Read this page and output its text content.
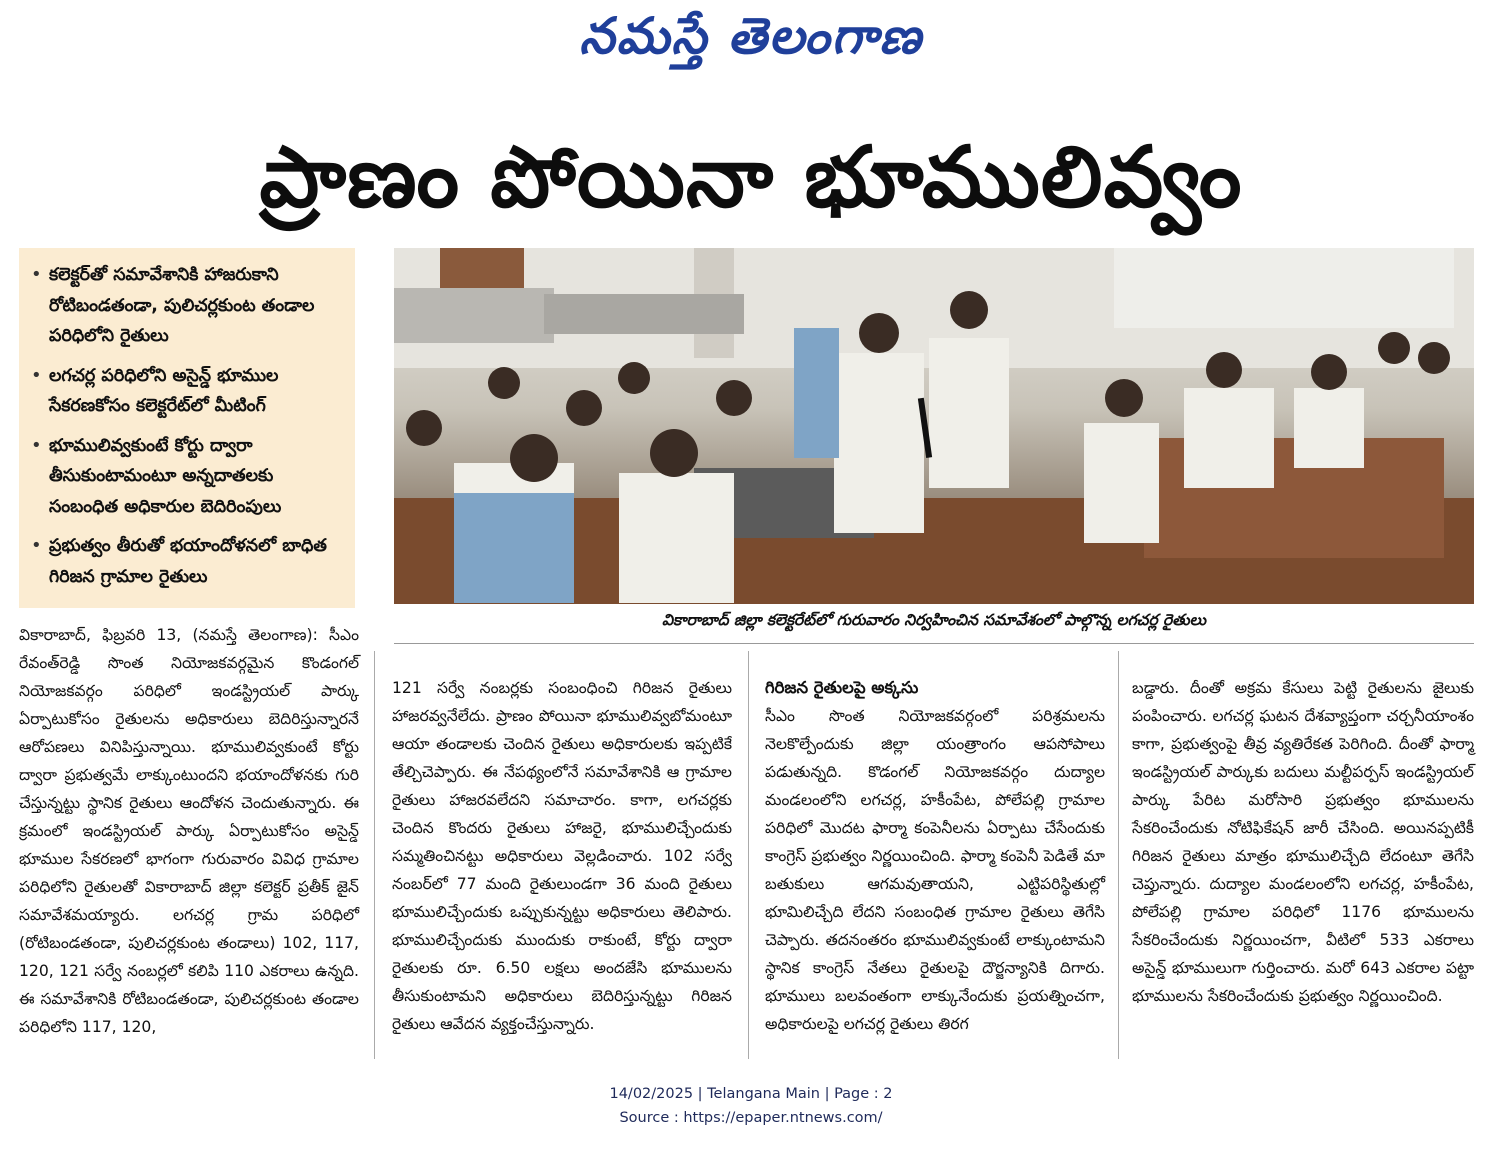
నమస్తే తెలంగాణ
ప్రాణం పోయినా భూములివ్వం
• కలెక్టర్‌తో సమావేశానికి హాజరుకాని రోటిబండతండా, పులిచర్లకుంట తండాల పరిధిలోని రైతులు
• లగచర్ల పరిధిలోని అసైన్డ్ భూముల సేకరణకోసం కలెక్టరేట్‌లో మీటింగ్
• భూములివ్వకుంటే కోర్టు ద్వారా తీసుకుంటామంటూ అన్నదాతలకు సంబంధిత అధికారుల బెదిరింపులు
• ప్రభుత్వం తీరుతో భయాందోళనలో బాధిత గిరిజన గ్రామాల రైతులు
వికారాబాద్ జిల్లా కలెక్టరేట్‌లో గురువారం నిర్వహించిన సమావేశంలో పాల్గొన్న లగచర్ల రైతులు
వికారాబాద్, ఫిబ్రవరి 13, (నమస్తే తెలంగాణ): సీఎం రేవంత్‌రెడ్డి సొంత నియోజకవర్గమైన కొండంగల్ నియోజకవర్గం పరిధిలో ఇండస్ట్రియల్ పార్కు ఏర్పాటుకోసం రైతులను అధికారులు బెదిరిస్తున్నారనే ఆరోపణలు వినిపిస్తున్నాయి. భూములివ్వకుంటే కోర్టు ద్వారా ప్రభుత్వమే లాక్కుంటుందని భయాందోళనకు గురి చేస్తున్నట్టు స్థానిక రైతులు ఆందోళన చెందుతున్నారు. ఈ క్రమంలో ఇండస్ట్రియల్ పార్కు ఏర్పాటుకోసం అసైన్డ్ భూముల సేకరణలో భాగంగా గురువారం వివిధ గ్రామాల పరిధిలోని రైతులతో వికారాబాద్ జిల్లా కలెక్టర్ ప్రతీక్ జైన్ సమావేశమయ్యారు. లగచర్ల గ్రామ పరిధిలో (రోటిబండతండా, పులిచర్లకుంట తండాలు) 102, 117, 120, 121 సర్వే నంబర్లలో కలిపి 110 ఎకరాలు ఉన్నది. ఈ సమావేశానికి రోటిబండతండా, పులిచర్లకుంట తండాల పరిధిలోని 117, 120,
121 సర్వే నంబర్లకు సంబంధించి గిరిజన రైతులు హాజరవ్వనేలేదు. ప్రాణం పోయినా భూములివ్వబోమంటూ ఆయా తండాలకు చెందిన రైతులు అధికారులకు ఇప్పటికే తేల్చిచెప్పారు. ఈ నేపథ్యంలోనే సమావేశానికి ఆ గ్రామాల రైతులు హాజరవలేదని సమాచారం. కాగా, లగచర్లకు చెందిన కొందరు రైతులు హాజరై, భూములిచ్చేందుకు సమ్మతించినట్టు అధికారులు వెల్లడించారు. 102 సర్వే నంబర్‌లో 77 మంది రైతులుండగా 36 మంది రైతులు భూములిచ్చేందుకు ఒప్పుకున్నట్టు అధికారులు తెలిపారు. భూములిచ్చేందుకు ముందుకు రాకుంటే, కోర్టు ద్వారా రైతులకు రూ. 6.50 లక్షలు అందజేసి భూములను తీసుకుంటామని అధికారులు బెదిరిస్తున్నట్టు గిరిజన రైతులు ఆవేదన వ్యక్తంచేస్తున్నారు.
గిరిజన రైతులపై అక్కసు
సీఎం సొంత నియోజకవర్గంలో పరిశ్రమలను నెలకొల్పేందుకు జిల్లా యంత్రాంగం ఆపసోపాలు పడుతున్నది. కొడంగల్ నియోజకవర్గం దుద్యాల మండలంలోని లగచర్ల, హకీంపేట, పోలేపల్లి గ్రామాల పరిధిలో మొదట ఫార్మా కంపెనీలను ఏర్పాటు చేసేందుకు కాంగ్రెస్ ప్రభుత్వం నిర్ణయించింది. ఫార్మా కంపెనీ పెడితే మా బతుకులు ఆగమవుతాయని, ఎట్టిపరిస్థితుల్లో భూమిలిచ్చేది లేదని సంబంధిత గ్రామాల రైతులు తెగేసి చెప్పారు. తదనంతరం భూములివ్వకుంటే లాక్కుంటామని స్థానిక కాంగ్రెస్ నేతలు రైతులపై దౌర్జన్యానికి దిగారు. భూములు బలవంతంగా లాక్కునేందుకు ప్రయత్నించగా, అధికారులపై లగచర్ల రైతులు తిరగ
బడ్డారు. దీంతో అక్రమ కేసులు పెట్టి రైతులను జైలుకు పంపించారు. లగచర్ల ఘటన దేశవ్యాప్తంగా చర్చనీయాంశం కాగా, ప్రభుత్వంపై తీవ్ర వ్యతిరేకత పెరిగింది. దీంతో ఫార్మా ఇండస్ట్రియల్ పార్కుకు బదులు మల్టీపర్పస్ ఇండస్ట్రియల్ పార్కు పేరిట మరోసారి ప్రభుత్వం భూములను సేకరించేందుకు నోటిఫికేషన్ జారీ చేసింది. అయినప్పటికీ గిరిజన రైతులు మాత్రం భూములిచ్చేది లేదంటూ తెగేసి చెప్తున్నారు. దుద్యాల మండలంలోని లగచర్ల, హకీంపేట, పోలేపల్లి గ్రామాల పరిధిలో 1176 భూములను సేకరించేందుకు నిర్ణయించగా, వీటిలో 533 ఎకరాలు అసైన్డ్ భూములుగా గుర్తించారు. మరో 643 ఎకరాల పట్టా భూములను సేకరించేందుకు ప్రభుత్వం నిర్ణయించింది.
14/02/2025 | Telangana Main | Page : 2
Source : https://epaper.ntnews.com/
